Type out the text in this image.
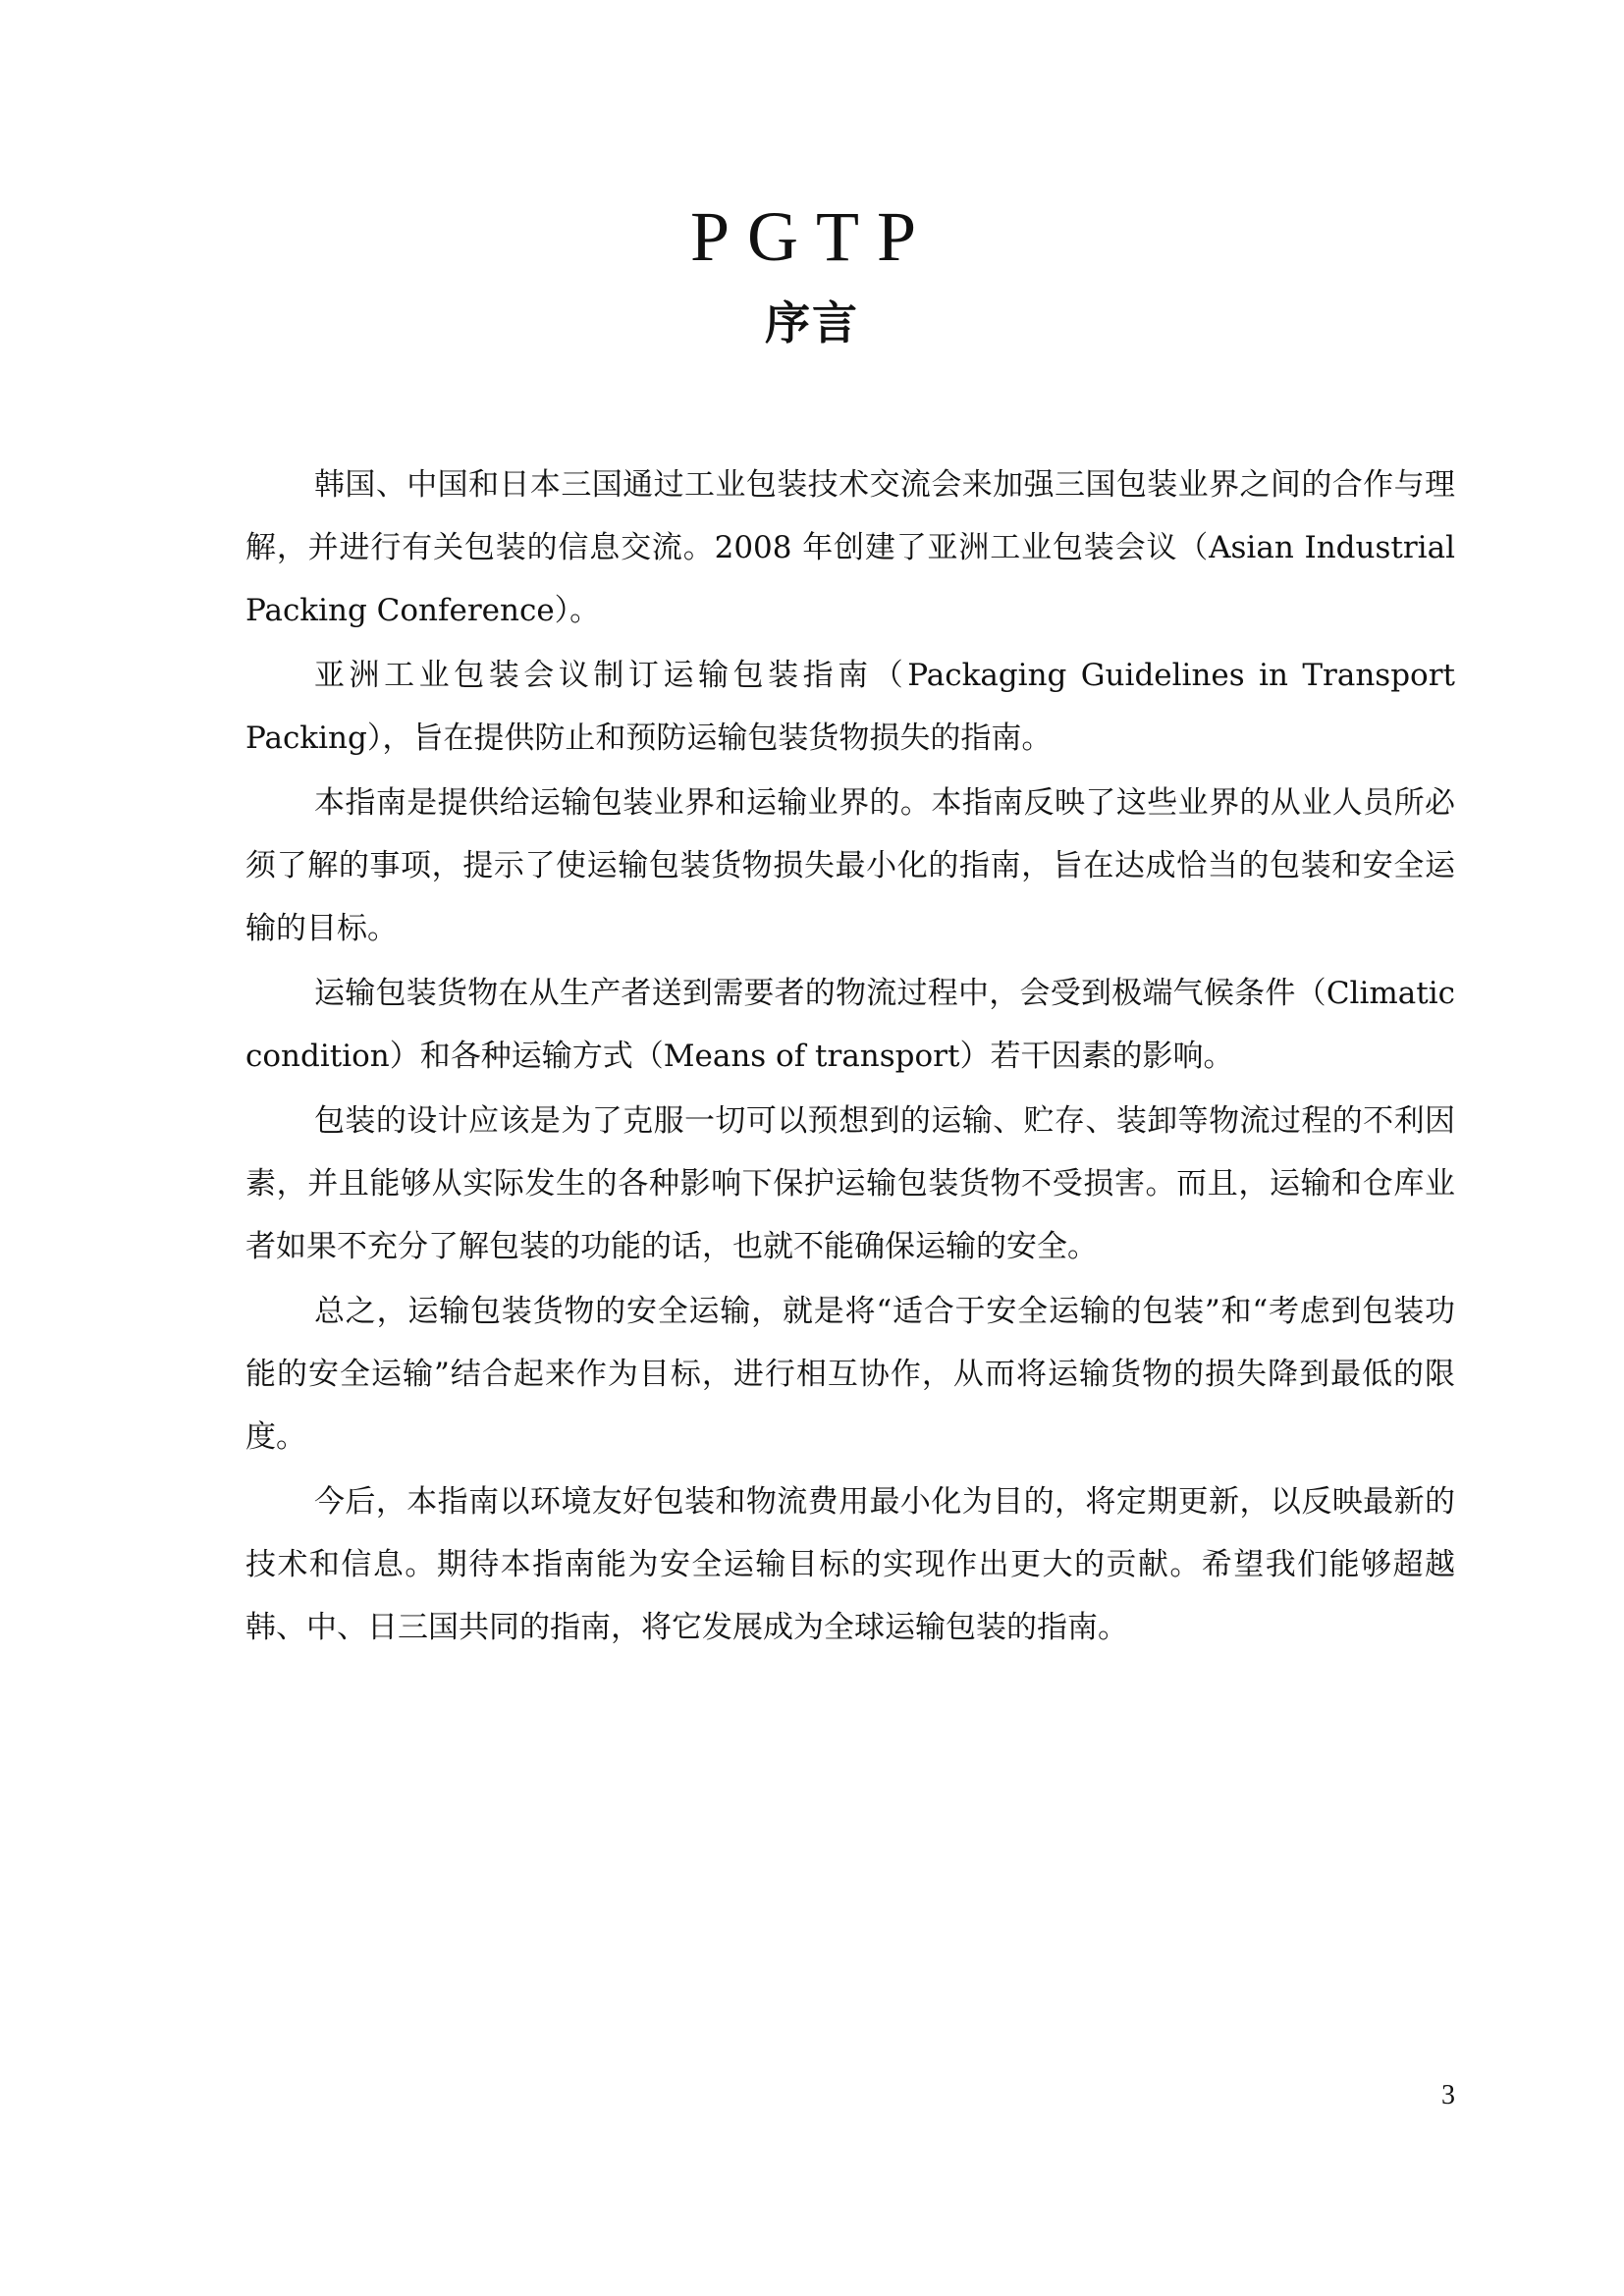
PGTP
序言

韩国、中国和日本三国通过工业包装技术交流会来加强三国包装业界之间的合作与理解，并进行有关包装的信息交流。2008 年创建了亚洲工业包装会议（Asian Industrial Packing Conference）。

亚洲工业包装会议制订运输包装指南（Packaging Guidelines in Transport Packing），旨在提供防止和预防运输包装货物损失的指南。

本指南是提供给运输包装业界和运输业界的。本指南反映了这些业界的从业人员所必须了解的事项，提示了使运输包装货物损失最小化的指南，旨在达成恰当的包装和安全运输的目标。

运输包装货物在从生产者送到需要者的物流过程中，会受到极端气候条件（Climatic condition）和各种运输方式（Means of transport）若干因素的影响。

包装的设计应该是为了克服一切可以预想到的运输、贮存、装卸等物流过程的不利因素，并且能够从实际发生的各种影响下保护运输包装货物不受损害。而且，运输和仓库业者如果不充分了解包装的功能的话，也就不能确保运输的安全。

总之，运输包装货物的安全运输，就是将“适合于安全运输的包装”和“考虑到包装功能的安全运输”结合起来作为目标，进行相互协作，从而将运输货物的损失降到最低的限度。

今后，本指南以环境友好包装和物流费用最小化为目的，将定期更新，以反映最新的技术和信息。期待本指南能为安全运输目标的实现作出更大的贡献。希望我们能够超越韩、中、日三国共同的指南，将它发展成为全球运输包装的指南。

3
